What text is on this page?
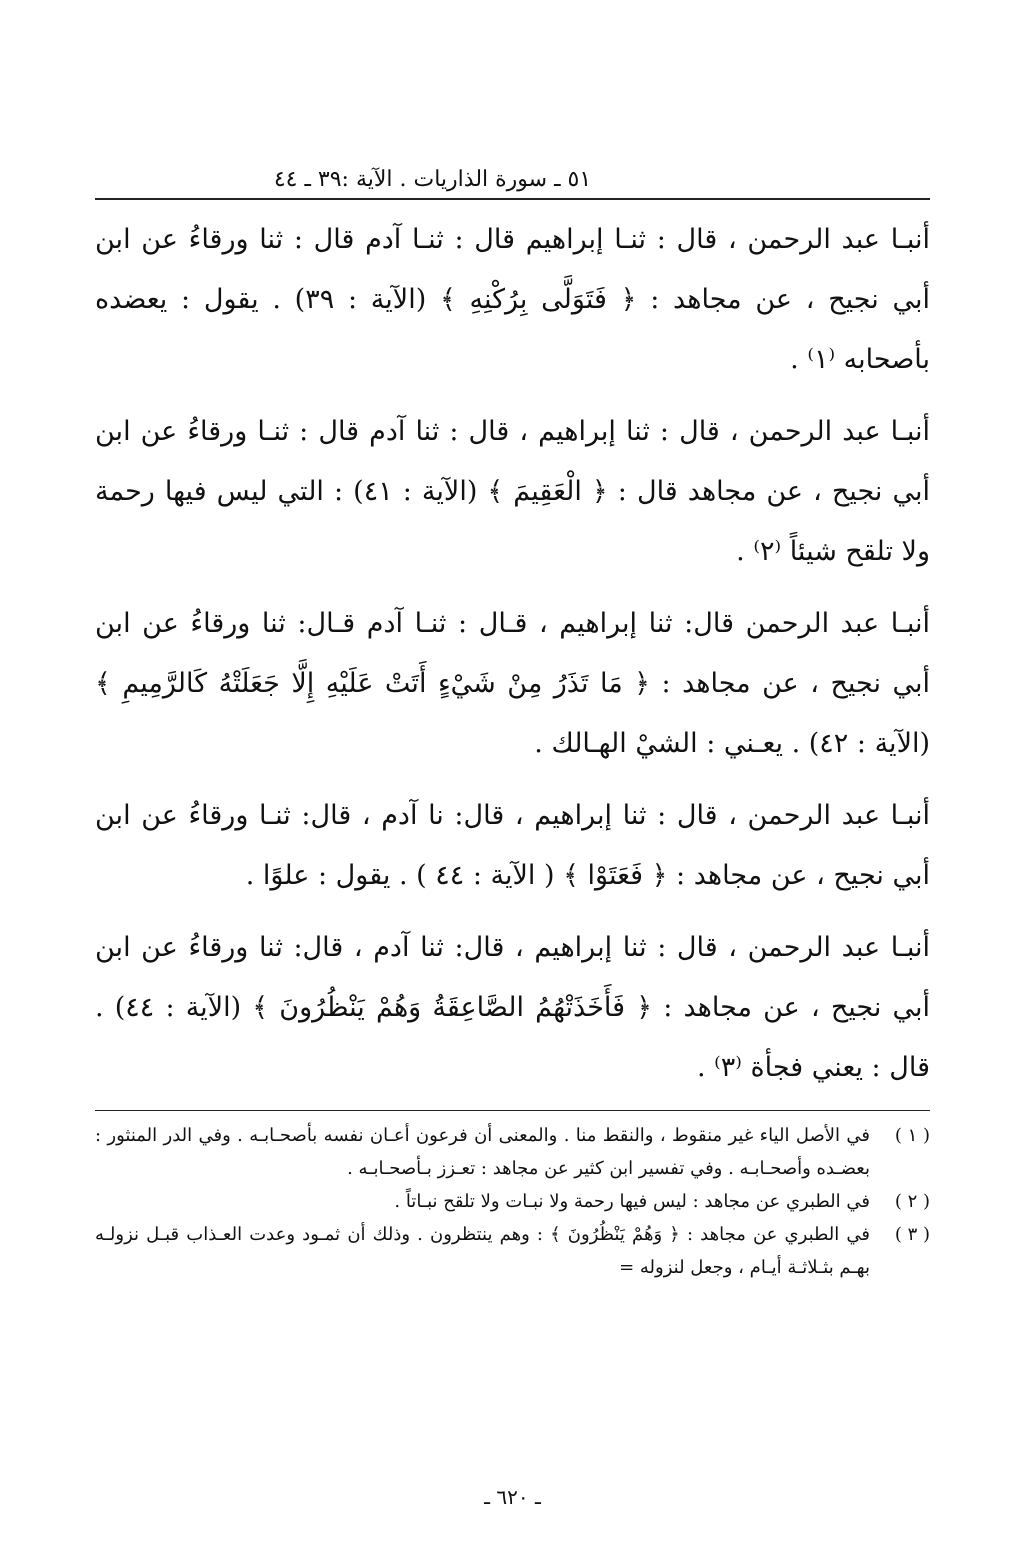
٥١ ـ سورة الذاريات . الآية ‎:٣٩ ـ ٤٤

أنبـا عبد الرحمن ، قال : ثنـا إبراهيم قال : ثنـا آدم قال : ثنا ورقاءُ عن ابن أبي نجيح ، عن مجاهد : ﴿ فَتَوَلَّى بِرُكْنِهِ ﴾ (الآية : ٣٩) . يقول : يعضده بأصحابه ⁽١⁾ .

أنبـا عبد الرحمن ، قال : ثنا إبراهيم ، قال : ثنا آدم قال : ثنـا ورقاءُ عن ابن أبي نجيح ، عن مجاهد قال : ﴿ الْعَقِيمَ ﴾ (الآية : ٤١) : التي ليس فيها رحمة ولا تلقح شيئاً ⁽٢⁾ .

أنبـا عبد الرحمن قال: ثنا إبراهيم ، قـال : ثنـا آدم قـال: ثنا ورقاءُ عن ابن أبي نجيح ، عن مجاهد : ﴿ مَا تَذَرُ مِنْ شَيْءٍ أَتَتْ عَلَيْهِ إِلَّا جَعَلَتْهُ كَالرَّمِيمِ ﴾ (الآية : ٤٢) . يعـني : الشيْ الهـالك .

أنبـا عبد الرحمن ، قال : ثنا إبراهيم ، قال: نا آدم ، قال: ثنـا ورقاءُ عن ابن أبي نجيح ، عن مجاهد : ﴿ فَعَتَوْا ﴾ ( الآية : ٤٤ ) . يقول : علوًا .

أنبـا عبد الرحمن ، قال : ثنا إبراهيم ، قال: ثنا آدم ، قال: ثنا ورقاءُ عن ابن أبي نجيح ، عن مجاهد : ﴿ فَأَخَذَتْهُمُ الصَّاعِقَةُ وَهُمْ يَنْظُرُونَ ﴾ (الآية : ٤٤) . قال : يعني فجأة ⁽٣⁾ .

( ١ )
في الأصل الياء غير منقوط ، والنقط منا . والمعنى أن فرعون أعـان نفسه بأصحـابـه . وفي الدر المنثور : بعضـده وأصحـابـه . وفي تفسير ابن كثير عن مجاهد : تعـزز بـأصحـابـه .
( ٢ )
في الطبري عن مجاهد : ليس فيها رحمة ولا نبـات ولا تلقح نبـاتاً .
( ٣ )
في الطبري عن مجاهد : ﴿ وَهُمْ يَنْظُرُونَ ﴾ : وهم ينتظرون . وذلك أن ثمـود وعدت العـذاب قبـل نزولـه بهـم بثـلاثـة أيـام ، وجعل لنزوله =
ـ ٦٢٠ ـ
